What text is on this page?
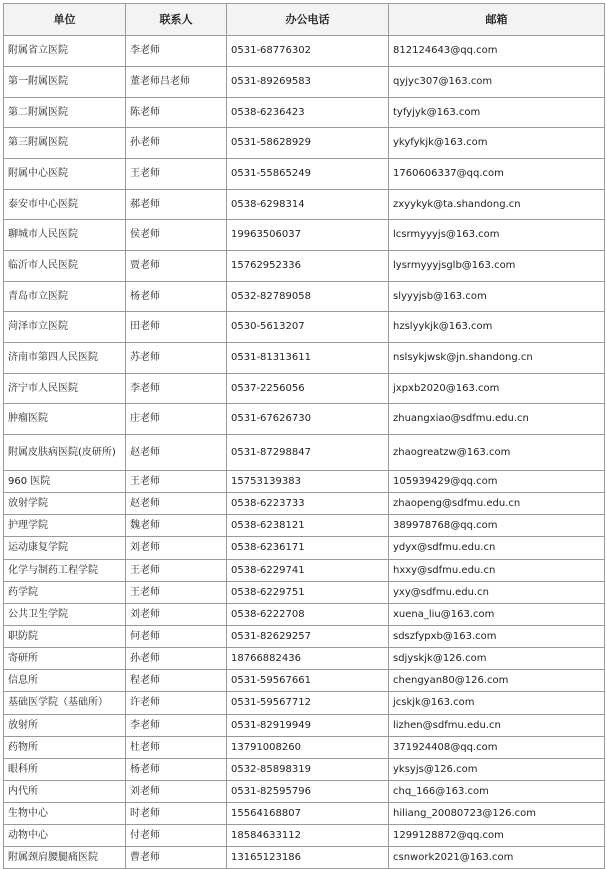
单位	联系人	办公电话	邮箱
附属省立医院	李老师	0531-68776302	812124643@qq.com
第一附属医院	董老师吕老师	0531-89269583	qyjyc307@163.com
第二附属医院	陈老师	0538-6236423	tyfyjyk@163.com
第三附属医院	孙老师	0531-58628929	ykyfykjk@163.com
附属中心医院	王老师	0531-55865249	1760606337@qq.com
泰安市中心医院	郝老师	0538-6298314	zxyykyk@ta.shandong.cn
聊城市人民医院	侯老师	19963506037	lcsrmyyyjs@163.com
临沂市人民医院	贾老师	15762952336	lysrmyyyjsglb@163.com
青岛市立医院	杨老师	0532-82789058	slyyyjsb@163.com
菏泽市立医院	田老师	0530-5613207	hzslyykjk@163.com
济南市第四人民医院	苏老师	0531-81313611	nslsykjwsk@jn.shandong.cn
济宁市人民医院	李老师	0537-2256056	jxpxb2020@163.com
肿瘤医院	庄老师	0531-67626730	zhuangxiao@sdfmu.edu.cn
附属皮肤病医院(皮研所)	赵老师	0531-87298847	zhaogreatzw@163.com
960 医院	王老师	15753139383	105939429@qq.com
放射学院	赵老师	0538-6223733	zhaopeng@sdfmu.edu.cn
护理学院	魏老师	0538-6238121	389978768@qq.com
运动康复学院	刘老师	0538-6236171	ydyx@sdfmu.edu.cn
化学与制药工程学院	王老师	0538-6229741	hxxy@sdfmu.edu.cn
药学院	王老师	0538-6229751	yxy@sdfmu.edu.cn
公共卫生学院	刘老师	0538-6222708	xuena_liu@163.com
职防院	何老师	0531-82629257	sdszfypxb@163.com
寄研所	孙老师	18766882436	sdjyskjk@126.com
信息所	程老师	0531-59567661	chengyan80@126.com
基础医学院（基础所）	许老师	0531-59567712	jcskjk@163.com
放射所	李老师	0531-82919949	lizhen@sdfmu.edu.cn
药物所	杜老师	13791008260	371924408@qq.com
眼科所	杨老师	0532-85898319	yksyjs@126.com
内代所	刘老师	0531-82595796	chq_166@163.com
生物中心	时老师	15564168807	hiliang_20080723@126.com
动物中心	付老师	18584633112	1299128872@qq.com
附属颈肩腰腿痛医院	曹老师	13165123186	csnwork2021@163.com
